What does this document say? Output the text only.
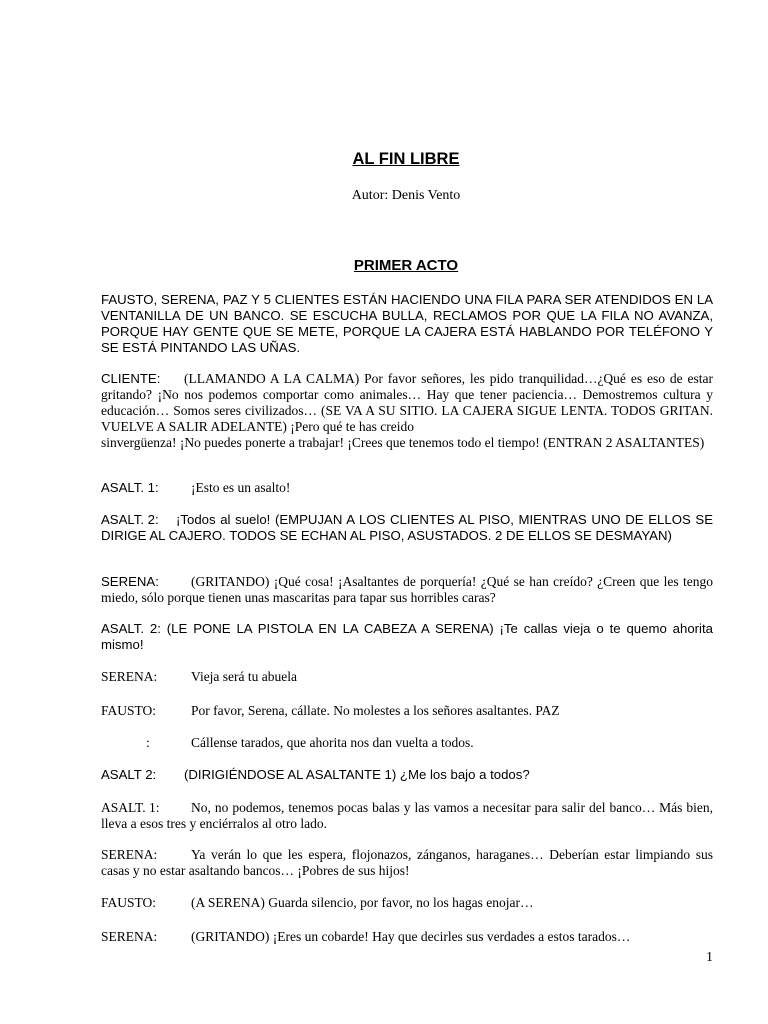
AL FIN LIBRE

Autor: Denis Vento

PRIMER ACTO

FAUSTO, SERENA, PAZ Y 5 CLIENTES ESTÁN HACIENDO UNA FILA PARA SER ATENDIDOS EN LA VENTANILLA DE UN BANCO. SE ESCUCHA BULLA, RECLAMOS POR QUE LA FILA NO AVANZA, PORQUE HAY GENTE QUE SE METE, PORQUE LA CAJERA ESTÁ HABLANDO POR TELÉFONO Y SE ESTÁ PINTANDO LAS UÑAS.

CLIENTE: (LLAMANDO A LA CALMA) Por favor señores, les pido tranquilidad…¿Qué es eso de estar gritando? ¡No nos podemos comportar como animales… Hay que tener paciencia… Demostremos cultura y educación… Somos seres civilizados… (SE VA A SU SITIO. LA CAJERA SIGUE LENTA. TODOS GRITAN. VUELVE A SALIR ADELANTE) ¡Pero qué te has creido
sinvergüenza! ¡No puedes ponerte a trabajar! ¡Crees que tenemos todo el tiempo! (ENTRAN 2 ASALTANTES)

ASALT. 1: ¡Esto es un asalto!

ASALT. 2: ¡Todos al suelo! (EMPUJAN A LOS CLIENTES AL PISO, MIENTRAS UNO DE ELLOS SE DIRIGE AL CAJERO. TODOS SE ECHAN AL PISO, ASUSTADOS. 2 DE ELLOS SE DESMAYAN)

SERENA: (GRITANDO) ¡Qué cosa! ¡Asaltantes de porquería! ¿Qué se han creído? ¿Creen que les tengo miedo, sólo porque tienen unas mascaritas para tapar sus horribles caras?

ASALT. 2: (LE PONE LA PISTOLA EN LA CABEZA A SERENA) ¡Te callas vieja o te quemo ahorita mismo!

SERENA: Vieja será tu abuela

FAUSTO:	Por favor, Serena, cállate. No molestes a los señores asaltantes. PAZ

:	Cállense tarados, que ahorita nos dan vuelta a todos.

ASALT 2: (DIRIGIÉNDOSE AL ASALTANTE 1) ¿Me los bajo a todos?

ASALT. 1: No, no podemos, tenemos pocas balas y las vamos a necesitar para salir del banco… Más bien, lleva a esos tres y enciérralos al otro lado.

SERENA: Ya verán lo que les espera, flojonazos, zánganos, haraganes… Deberían estar limpiando sus casas y no estar asaltando bancos… ¡Pobres de sus hijos!

FAUSTO:	(A SERENA) Guarda silencio, por favor, no los hagas enojar…

SERENA: (GRITANDO) ¡Eres un cobarde! Hay que decirles sus verdades a estos tarados…

1
